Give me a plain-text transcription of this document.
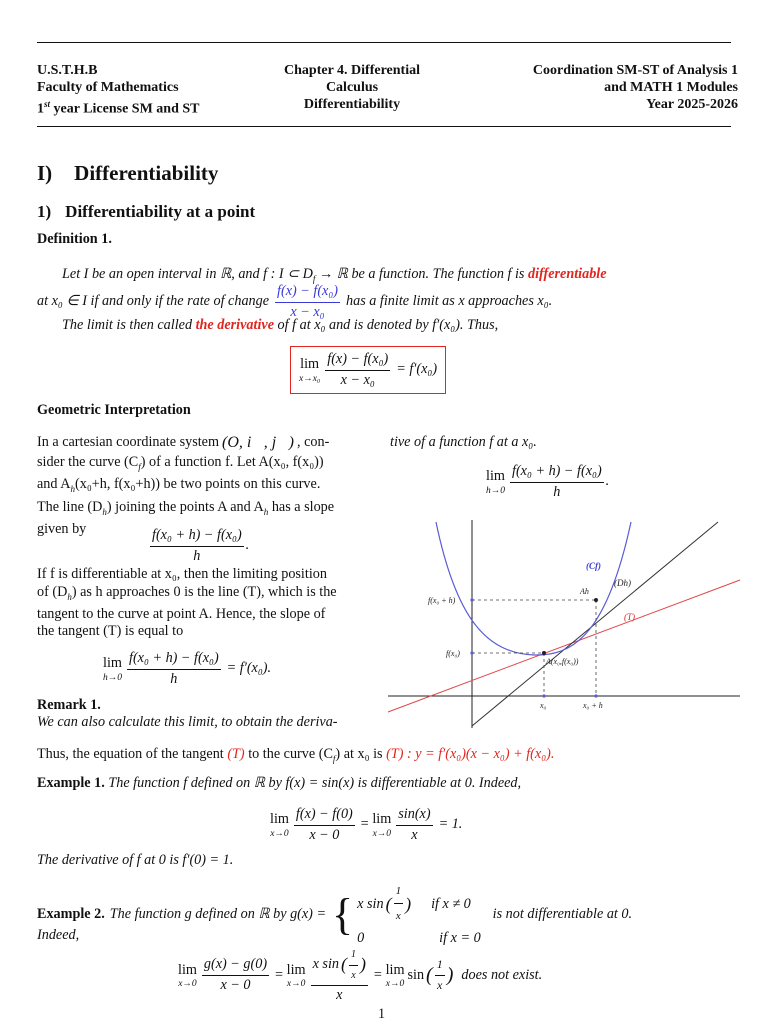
U.S.T.H.B
Faculty of Mathematics
1st year License SM and ST
Chapter 4. Differential
Calculus
Differentiability
Coordination SM-ST of Analysis 1
and MATH 1 Modules
Year 2025-2026
I) Differentiability
1) Differentiability at a point
Definition 1.
Let I be an open interval in ℝ, and f : I ⊂ $D_f$ → ℝ be a function. The function f is differentiable
at x₀ ∈ I if and only if the rate of change $\frac{\text{f(x) − f(x₀)}}{\text{x − x₀}}$ has a finite limit as x approaches x₀.
The limit is then called the derivative of f at x₀ and is denoted by f′(x₀). Thus,
lim
$x\to x_0 \frac{\text{f(x) − f(x₀)}}{\text{x − x₀}} = f'(x_0)$
Geometric Interpretation
In a cartesian coordinate system (O, i⃗, j⃗) , con-
sider the curve $(C_f)$ of a function f. Let A(x₀, f(x₀))
and $A_h(x_0+h$, f(x₀+h)) be two points on this curve.
The line $(D_h)$ joining the points A and $A_h$ has a slope
given by	$\frac{\text{f(x₀ + h) − f(x₀)}}{h}$ .
If f is differentiable at x₀, then the limiting position
of $(D_h)$ as h approaches 0 is the line (T), which is the
tangent to the curve at point A. Hence, the slope of
the tangent (T) is equal to
lim
$h\to 0 \frac{\text{f(x₀ + h) − f(x₀)}}{h} = f'(x_0)$.
Remark 1.
We can also calculate this limit, to obtain the deriva-
tive of a function f at a x₀.
lim
$h\to 0 \frac{\text{f(x₀ + h) − f(x₀)}}{h}$ .
(Cf)
(Dh)
(T)
Ah
A(x₀,f(x₀))
f(x₀ + h)
f(x₀)
x₀	x₀ + h
Thus, the equation of the tangent (T) to the curve $(C_f)$ at x₀ is (T) : y = f′(x₀)(x − x₀) + f(x₀).
Example 1. The function f defined on ℝ by f(x) = sin(x) is differentiable at 0. Indeed,
lim
$x\to 0 \frac{f(x) - f(0)}{x - 0} = \lim$
$x\to 0 \frac{\sin(x)}{x} = 1$.
The derivative of f at 0 is f′(0) = 1.
Example 2. The function g defined on ℝ by g(x) = { x sin ( $\frac{1}{x}$ ) if x ≠ 0
0	if x = 0
is not differentiable at 0.
Indeed,
lim
$x\to 0 \frac{g(x) - g(0)}{x - 0} = \lim$
$x\to 0 \frac{x \sin ( \frac{1}{x} )}{x} = \lim$
x→0
sin ( $\frac{1}{x}$ ) does not exist.
1
